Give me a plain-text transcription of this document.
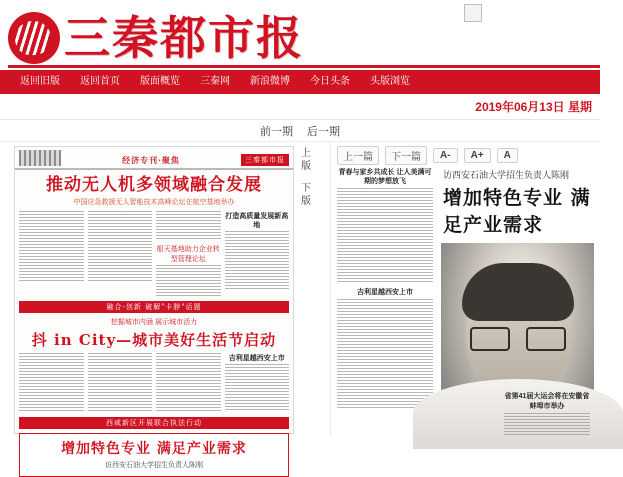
三秦都市报
返回旧版	返回首页	版面概览	三秦网	新浪微博	今日头条	头版浏览
2019年06月13日 星期
前一期 后一期
经济专刊·聚焦	三秦都市报
推动无人机多领域融合发展
中国应急救援无人智能技术高峰论坛在航空基地举办
船天基地助力企业转型管理论坛
打造高质量发展新高地
融合-创新 破解"卡脖"话题
挖掘城市内涵 展示城市活力
抖 in City—城市美好生活节启动
吉利星越西安上市
西咸新区开展联合执法行动
增加特色专业 满足产业需求
访西安石油大学招生负责人陈刚
上版
下版
上一篇	下一篇	A-	A+	A
青春与家乡共成长 让人美满可期的梦想放飞
吉利星越西安上市
访西安石油大学招生负责人陈刚
增加特色专业 满足产业需求
省第41届大运会将在安徽省蚌埠市举办
